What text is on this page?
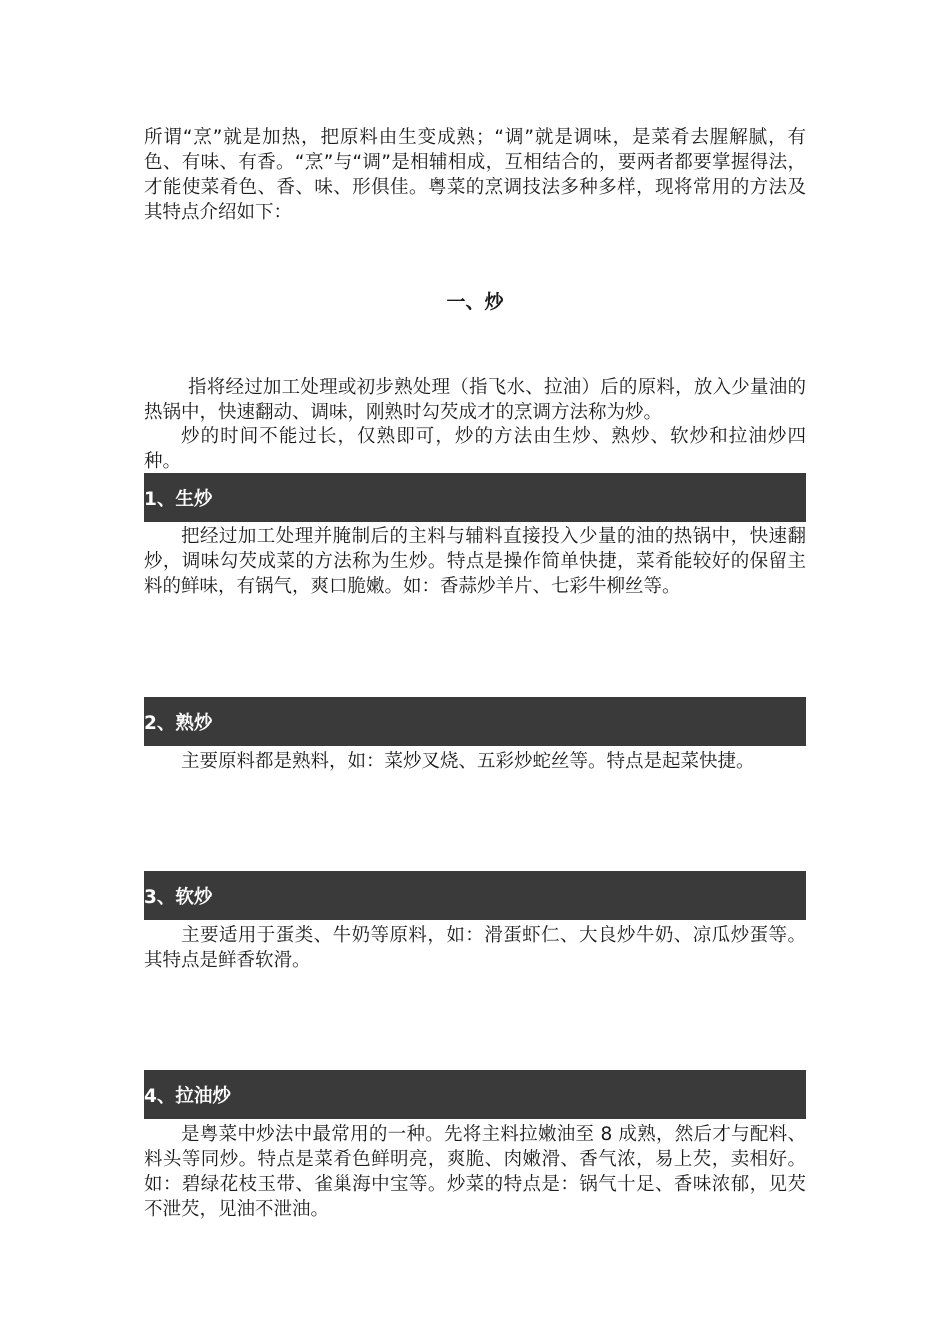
所谓“烹”就是加热，把原料由生变成熟；“调”就是调味，是菜肴去腥解腻，有色、有味、有香。“烹”与“调”是相辅相成，互相结合的，要两者都要掌握得法，才能使菜肴色、香、味、形俱佳。粤菜的烹调技法多种多样，现将常用的方法及其特点介绍如下：

一、炒

指将经过加工处理或初步熟处理（指飞水、拉油）后的原料，放入少量油的热锅中，快速翻动、调味，刚熟时勾芡成才的烹调方法称为炒。

炒的时间不能过长，仅熟即可，炒的方法由生炒、熟炒、软炒和拉油炒四种。

1、生炒

把经过加工处理并腌制后的主料与辅料直接投入少量的油的热锅中，快速翻炒，调味勾芡成菜的方法称为生炒。特点是操作简单快捷，菜肴能较好的保留主料的鲜味，有锅气，爽口脆嫩。如：香蒜炒羊片、七彩牛柳丝等。

2、熟炒

主要原料都是熟料，如：菜炒叉烧、五彩炒蛇丝等。特点是起菜快捷。

3、软炒

主要适用于蛋类、牛奶等原料，如：滑蛋虾仁、大良炒牛奶、凉瓜炒蛋等。其特点是鲜香软滑。

4、拉油炒

是粤菜中炒法中最常用的一种。先将主料拉嫩油至 8 成熟，然后才与配料、料头等同炒。特点是菜肴色鲜明亮，爽脆、肉嫩滑、香气浓，易上芡，卖相好。如：碧绿花枝玉带、雀巢海中宝等。炒菜的特点是：锅气十足、香味浓郁，见芡不泄芡，见油不泄油。
